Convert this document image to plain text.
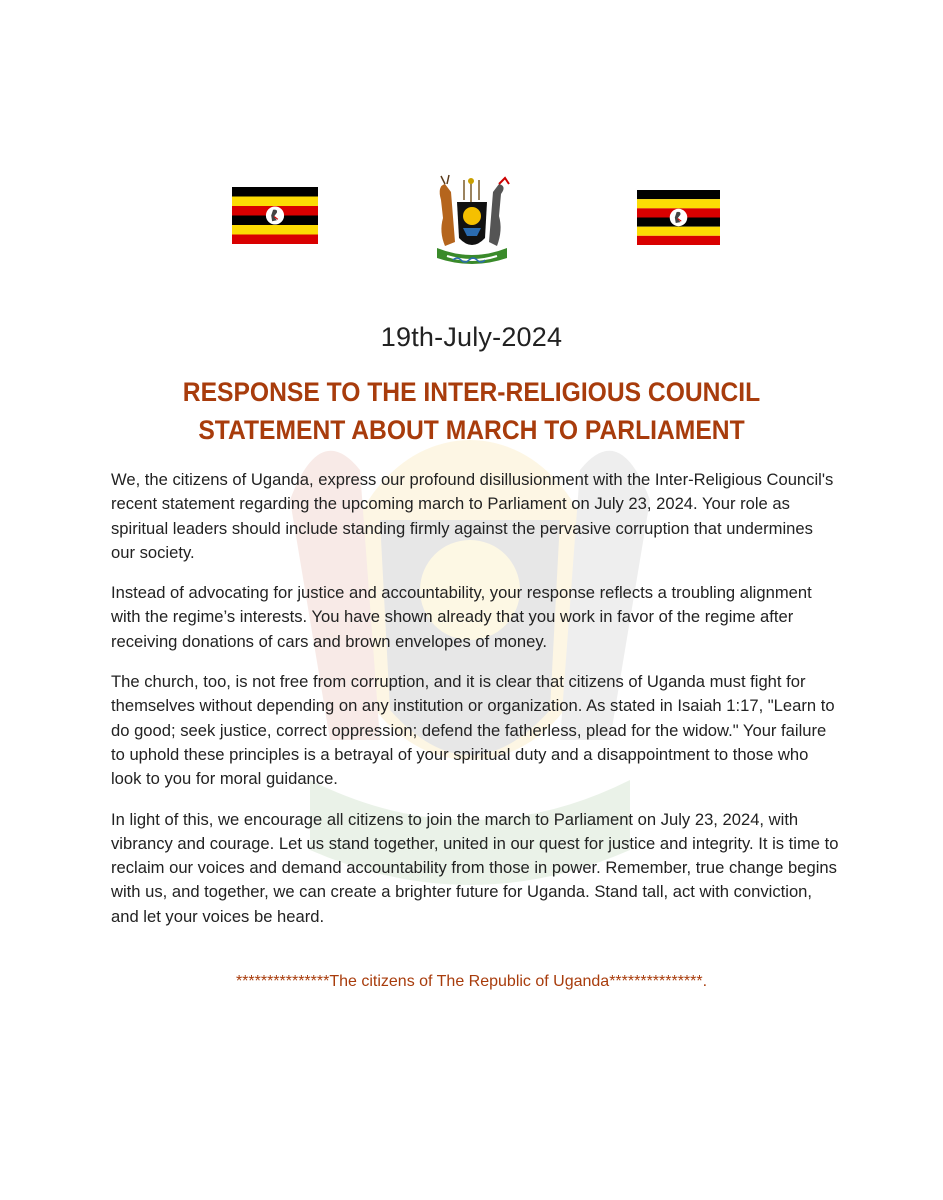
19th-July-2024
RESPONSE TO THE INTER-RELIGIOUS COUNCIL
STATEMENT ABOUT MARCH TO PARLIAMENT

We, the citizens of Uganda, express our profound disillusionment with the Inter-Religious Council's recent statement regarding the upcoming march to Parliament on July 23, 2024. Your role as spiritual leaders should include standing firmly against the pervasive corruption that undermines our society.

Instead of advocating for justice and accountability, your response reflects a troubling alignment with the regime’s interests. You have shown already that you work in favor of the regime after receiving donations of cars and brown envelopes of money.

The church, too, is not free from corruption, and it is clear that citizens of Uganda must fight for themselves without depending on any institution or organization. As stated in Isaiah 1:17, "Learn to do good; seek justice, correct oppression; defend the fatherless, plead for the widow." Your failure to uphold these principles is a betrayal of your spiritual duty and a disappointment to those who look to you for moral guidance.

In light of this, we encourage all citizens to join the march to Parliament on July 23, 2024, with vibrancy and courage. Let us stand together, united in our quest for justice and integrity. It is time to reclaim our voices and demand accountability from those in power. Remember, true change begins with us, and together, we can create a brighter future for Uganda. Stand tall, act with conviction, and let your voices be heard.

***************The citizens of The Republic of Uganda***************.
